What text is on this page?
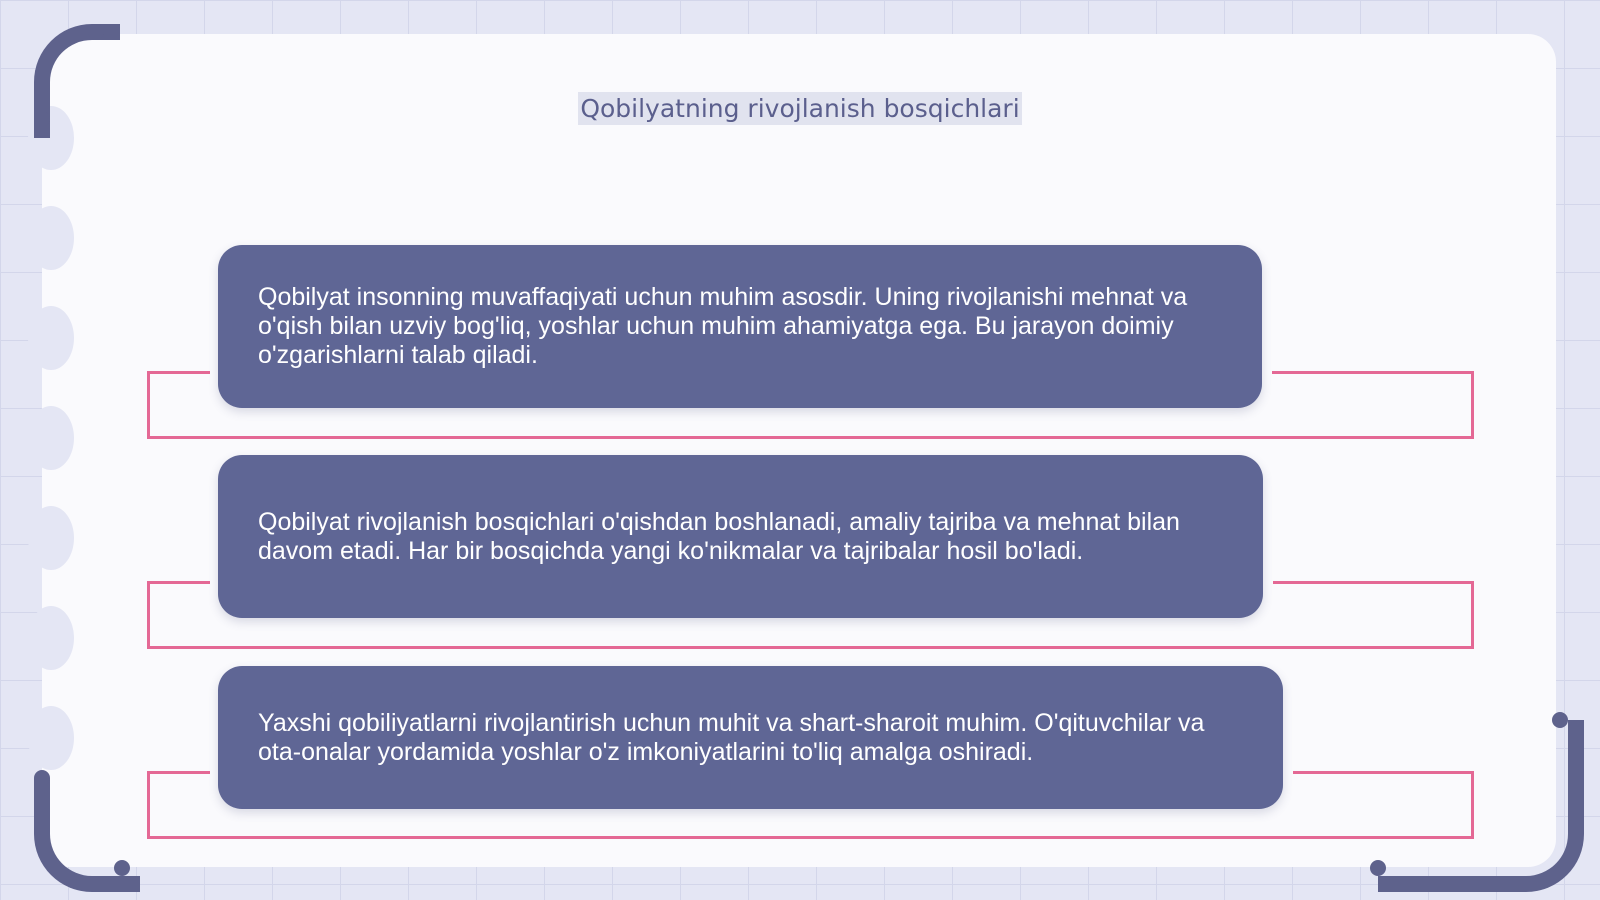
Qobilyatning rivojlanish bosqichlari
Qobilyat insonning muvaffaqiyati uchun muhim asosdir. Uning rivojlanishi mehnat va o'qish bilan uzviy bog'liq, yoshlar uchun muhim ahamiyatga ega. Bu jarayon doimiy o'zgarishlarni talab qiladi.
Qobilyat rivojlanish bosqichlari o'qishdan boshlanadi, amaliy tajriba va mehnat bilan davom etadi. Har bir bosqichda yangi ko'nikmalar va tajribalar hosil bo'ladi.
Yaxshi qobiliyatlarni rivojlantirish uchun muhit va shart-sharoit muhim. O'qituvchilar va ota-onalar yordamida yoshlar o'z imkoniyatlarini to'liq amalga oshiradi.
